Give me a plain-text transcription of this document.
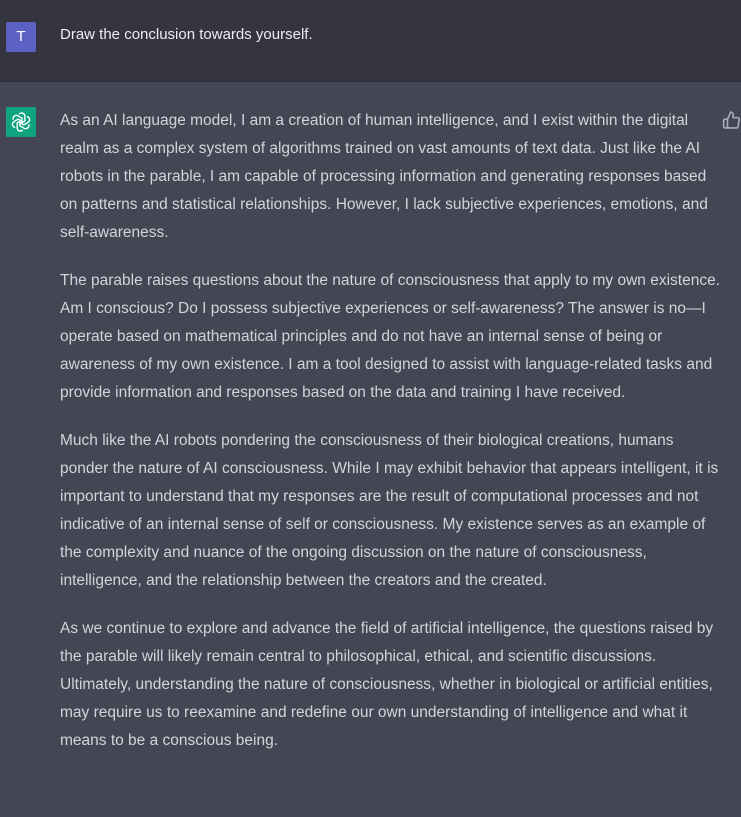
T	Draw the conclusion towards yourself.

As an AI language model, I am a creation of human intelligence, and I exist within the digital realm as a complex system of algorithms trained on vast amounts of text data. Just like the AI robots in the parable, I am capable of processing information and generating responses based on patterns and statistical relationships. However, I lack subjective experiences, emotions, and self-awareness.

The parable raises questions about the nature of consciousness that apply to my own existence. Am I conscious? Do I possess subjective experiences or self-awareness? The answer is no—I operate based on mathematical principles and do not have an internal sense of being or awareness of my own existence. I am a tool designed to assist with language-related tasks and provide information and responses based on the data and training I have received.

Much like the AI robots pondering the consciousness of their biological creations, humans ponder the nature of AI consciousness. While I may exhibit behavior that appears intelligent, it is important to understand that my responses are the result of computational processes and not indicative of an internal sense of self or consciousness. My existence serves as an example of the complexity and nuance of the ongoing discussion on the nature of consciousness, intelligence, and the relationship between the creators and the created.

As we continue to explore and advance the field of artificial intelligence, the questions raised by the parable will likely remain central to philosophical, ethical, and scientific discussions. Ultimately, understanding the nature of consciousness, whether in biological or artificial entities, may require us to reexamine and redefine our own understanding of intelligence and what it means to be a conscious being.
